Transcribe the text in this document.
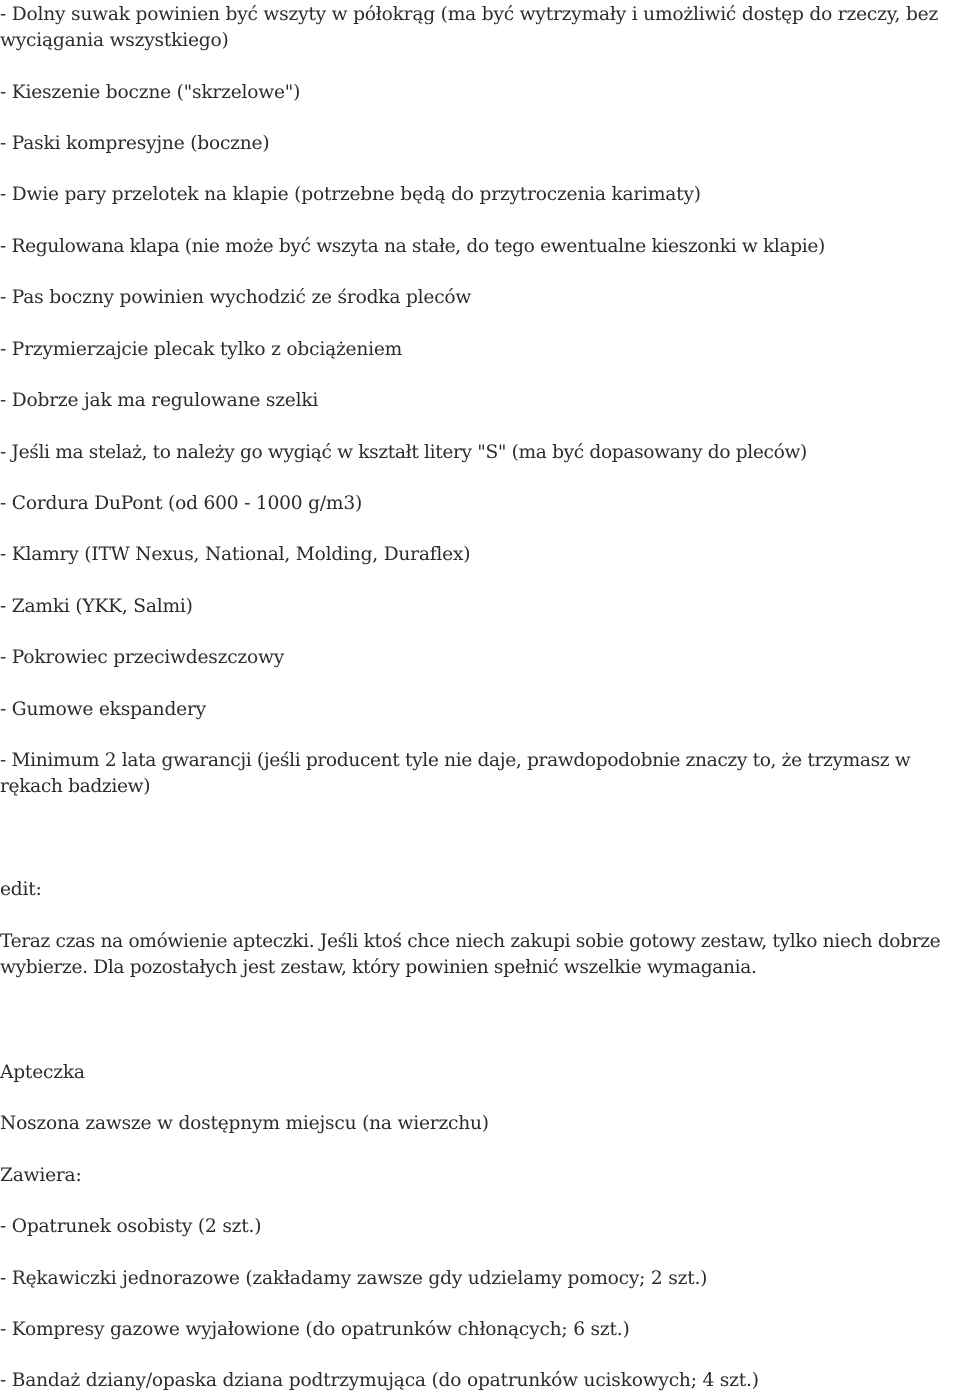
- Dolny suwak powinien być wszyty w półokrąg (ma być wytrzymały i umożliwić dostęp do rzeczy, bez wyciągania wszystkiego)

- Kieszenie boczne ("skrzelowe")

- Paski kompresyjne (boczne)

- Dwie pary przelotek na klapie (potrzebne będą do przytroczenia karimaty)

- Regulowana klapa (nie może być wszyta na stałe, do tego ewentualne kieszonki w klapie)

- Pas boczny powinien wychodzić ze środka pleców

- Przymierzajcie plecak tylko z obciążeniem

- Dobrze jak ma regulowane szelki

- Jeśli ma stelaż, to należy go wygiąć w kształt litery "S" (ma być dopasowany do pleców)

- Cordura DuPont (od 600 - 1000 g/m3)

- Klamry (ITW Nexus, National, Molding, Duraflex)

- Zamki (YKK, Salmi)

- Pokrowiec przeciwdeszczowy

- Gumowe ekspandery

- Minimum 2 lata gwarancji (jeśli producent tyle nie daje, prawdopodobnie znaczy to, że trzymasz w rękach badziew)

edit:

Teraz czas na omówienie apteczki. Jeśli ktoś chce niech zakupi sobie gotowy zestaw, tylko niech dobrze wybierze. Dla pozostałych jest zestaw, który powinien spełnić wszelkie wymagania.

Apteczka

Noszona zawsze w dostępnym miejscu (na wierzchu)

Zawiera:

- Opatrunek osobisty (2 szt.)

- Rękawiczki jednorazowe (zakładamy zawsze gdy udzielamy pomocy; 2 szt.)

- Kompresy gazowe wyjałowione (do opatrunków chłonących; 6 szt.)

- Bandaż dziany/opaska dziana podtrzymująca (do opatrunków uciskowych; 4 szt.)
